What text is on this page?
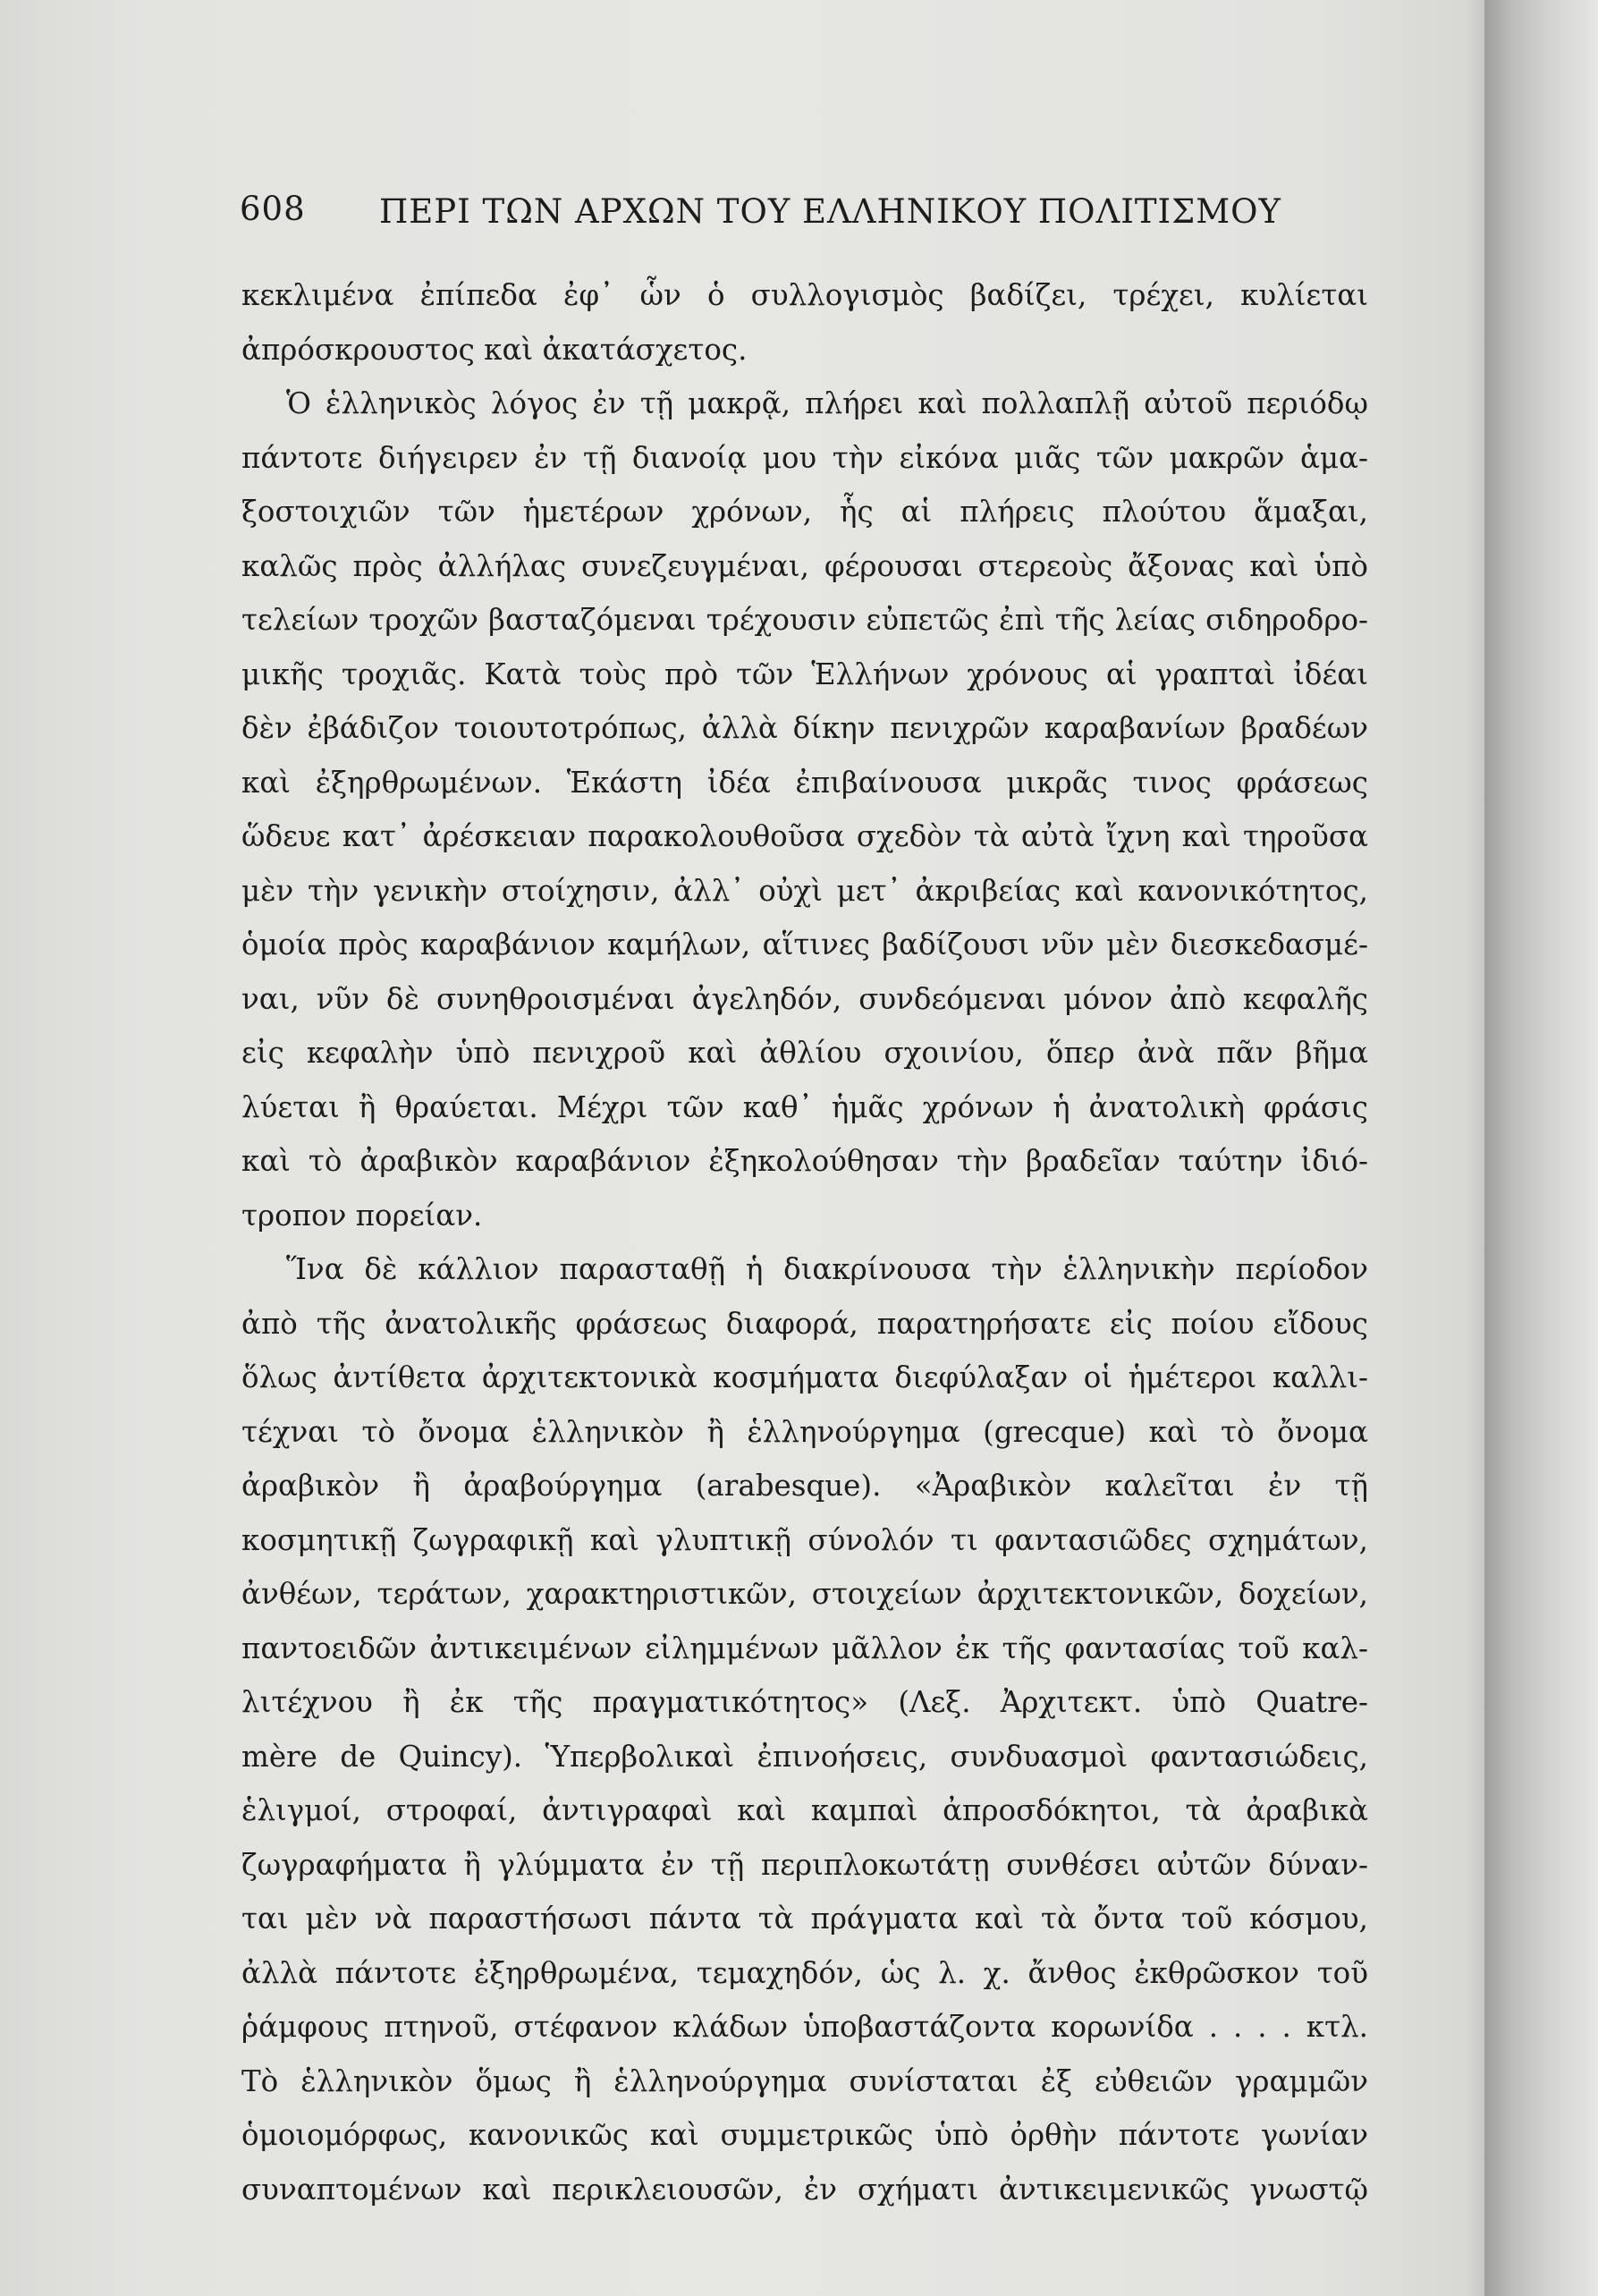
608 ΠΕΡΙ ΤΩΝ ΑΡΧΩΝ ΤΟΥ ΕΛΛΗΝΙΚΟΥ ΠΟΛΙΤΙΣΜΟΥ
κεκλιμένα ἐπίπεδα ἐφ᾽ ὧν ὁ συλλογισμὸς βαδίζει, τρέχει, κυλίεται
ἀπρόσκρουστος καὶ ἀκατάσχετος.
Ὁ ἑλληνικὸς λόγος ἐν τῇ μακρᾷ, πλήρει καὶ πολλαπλῇ αὐτοῦ περιόδῳ
πάντοτε διήγειρεν ἐν τῇ διανοίᾳ μου τὴν εἰκόνα μιᾶς τῶν μακρῶν ἁμα-
ξοστοιχιῶν τῶν ἡμετέρων χρόνων, ἧς αἱ πλήρεις πλούτου ἅμαξαι,
καλῶς πρὸς ἀλλήλας συνεζευγμέναι, φέρουσαι στερεοὺς ἄξονας καὶ ὑπὸ
τελείων τροχῶν βασταζόμεναι τρέχουσιν εὐπετῶς ἐπὶ τῆς λείας σιδηροδρο-
μικῆς τροχιᾶς. Κατὰ τοὺς πρὸ τῶν Ἑλλήνων χρόνους αἱ γραπταὶ ἰδέαι
δὲν ἐβάδιζον τοιουτοτρόπως, ἀλλὰ δίκην πενιχρῶν καραβανίων βραδέων
καὶ ἐξηρθρωμένων. Ἑκάστη ἰδέα ἐπιβαίνουσα μικρᾶς τινος φράσεως
ὥδευε κατ᾽ ἀρέσκειαν παρακολουθοῦσα σχεδὸν τὰ αὐτὰ ἴχνη καὶ τηροῦσα
μὲν τὴν γενικὴν στοίχησιν, ἀλλ᾽ οὐχὶ μετ᾽ ἀκριβείας καὶ κανονικότητος,
ὁμοία πρὸς καραβάνιον καμήλων, αἵτινες βαδίζουσι νῦν μὲν διεσκεδασμέ-
ναι, νῦν δὲ συνηθροισμέναι ἀγεληδόν, συνδεόμεναι μόνον ἀπὸ κεφαλῆς
εἰς κεφαλὴν ὑπὸ πενιχροῦ καὶ ἀθλίου σχοινίου, ὅπερ ἀνὰ πᾶν βῆμα
λύεται ἢ θραύεται. Μέχρι τῶν καθ᾽ ἡμᾶς χρόνων ἡ ἀνατολικὴ φράσις
καὶ τὸ ἀραβικὸν καραβάνιον ἐξηκολούθησαν τὴν βραδεῖαν ταύτην ἰδιό-
τροπον πορείαν.
Ἵνα δὲ κάλλιον παρασταθῇ ἡ διακρίνουσα τὴν ἑλληνικὴν περίοδον
ἀπὸ τῆς ἀνατολικῆς φράσεως διαφορά, παρατηρήσατε εἰς ποίου εἴδους
ὅλως ἀντίθετα ἀρχιτεκτονικὰ κοσμήματα διεφύλαξαν οἱ ἡμέτεροι καλλι-
τέχναι τὸ ὄνομα ἑλληνικὸν ἢ ἑλληνούργημα (grecque) καὶ τὸ ὄνομα
ἀραβικὸν ἢ ἀραβούργημα (arabesque). «Ἀραβικὸν καλεῖται ἐν τῇ
κοσμητικῇ ζωγραφικῇ καὶ γλυπτικῇ σύνολόν τι φαντασιῶδες σχημάτων,
ἀνθέων, τεράτων, χαρακτηριστικῶν, στοιχείων ἀρχιτεκτονικῶν, δοχείων,
παντοειδῶν ἀντικειμένων εἰλημμένων μᾶλλον ἐκ τῆς φαντασίας τοῦ καλ-
λιτέχνου ἢ ἐκ τῆς πραγματικότητος» (Λεξ. Ἀρχιτεκτ. ὑπὸ Quatre-
mère de Quincy). Ὑπερβολικαὶ ἐπινοήσεις, συνδυασμοὶ φαντασιώδεις,
ἑλιγμοί, στροφαί, ἀντιγραφαὶ καὶ καμπαὶ ἀπροσδόκητοι, τὰ ἀραβικὰ
ζωγραφήματα ἢ γλύμματα ἐν τῇ περιπλοκωτάτῃ συνθέσει αὐτῶν δύναν-
ται μὲν νὰ παραστήσωσι πάντα τὰ πράγματα καὶ τὰ ὄντα τοῦ κόσμου,
ἀλλὰ πάντοτε ἐξηρθρωμένα, τεμαχηδόν, ὡς λ. χ. ἄνθος ἐκθρῶσκον τοῦ
ῥάμφους πτηνοῦ, στέφανον κλάδων ὑποβαστάζοντα κορωνίδα . . . . κτλ.
Τὸ ἑλληνικὸν ὅμως ἢ ἑλληνούργημα συνίσταται ἐξ εὐθειῶν γραμμῶν
ὁμοιομόρφως, κανονικῶς καὶ συμμετρικῶς ὑπὸ ὀρθὴν πάντοτε γωνίαν
συναπτομένων καὶ περικλειουσῶν, ἐν σχήματι ἀντικειμενικῶς γνωστῷ
